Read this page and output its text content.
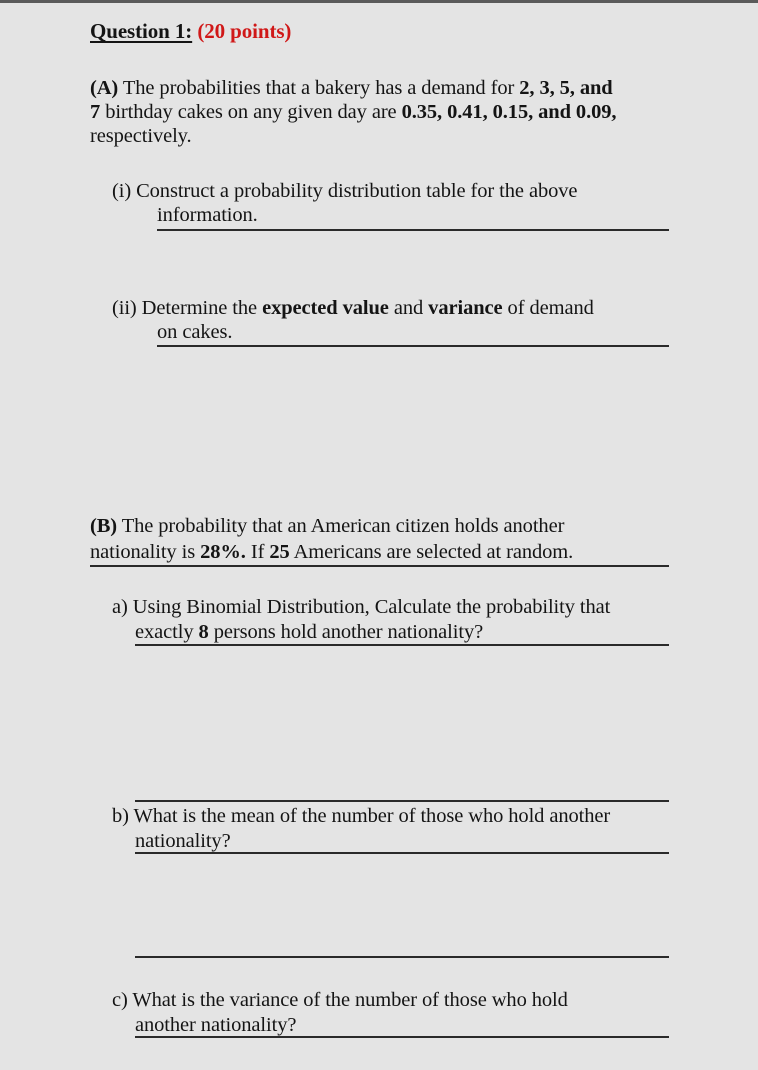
Question 1: (20 points)
(A) The probabilities that a bakery has a demand for 2, 3, 5, and
7 birthday cakes on any given day are 0.35, 0.41, 0.15, and 0.09,
respectively.
(i) Construct a probability distribution table for the above
information.
(ii) Determine the expected value and variance of demand
on cakes.
(B) The probability that an American citizen holds another
nationality is 28%. If 25 Americans are selected at random.
a) Using Binomial Distribution, Calculate the probability that
exactly 8 persons hold another nationality?
b) What is the mean of the number of those who hold another
nationality?
c) What is the variance of the number of those who hold
another nationality?
